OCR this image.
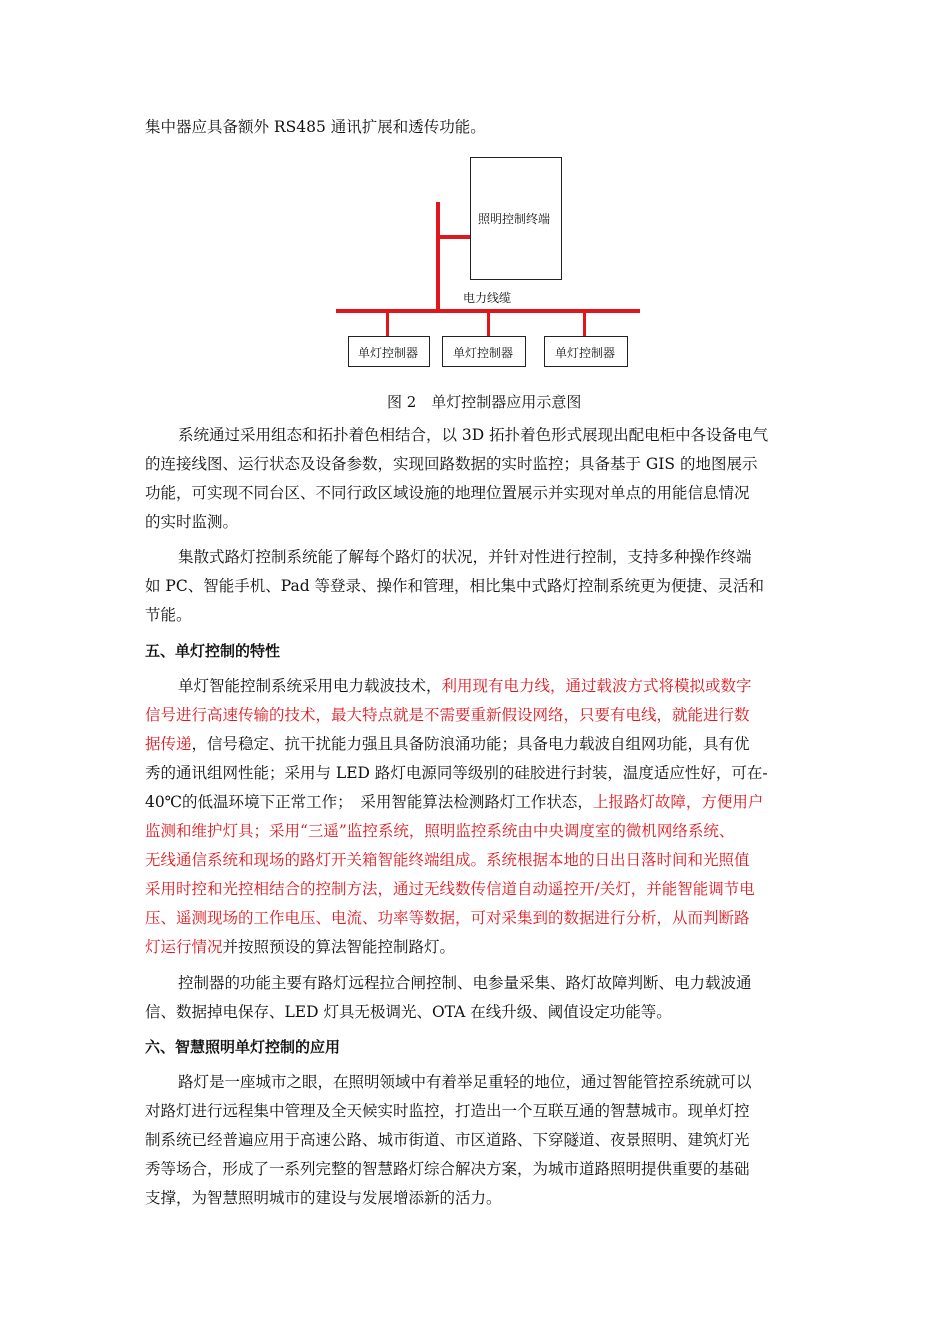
集中器应具备额外 RS485 通讯扩展和透传功能。
照明控制终端
电力线缆
单灯控制器	单灯控制器	单灯控制器
图 2　单灯控制器应用示意图
系统通过采用组态和拓扑着色相结合，以 3D 拓扑着色形式展现出配电柜中各设备电气
的连接线图、运行状态及设备参数，实现回路数据的实时监控；具备基于 GIS 的地图展示
功能，可实现不同台区、不同行政区域设施的地理位置展示并实现对单点的用能信息情况
的实时监测。
集散式路灯控制系统能了解每个路灯的状况，并针对性进行控制，支持多种操作终端
如 PC、智能手机、Pad 等登录、操作和管理，相比集中式路灯控制系统更为便捷、灵活和
节能。
五、单灯控制的特性
单灯智能控制系统采用电力载波技术，利用现有电力线，通过载波方式将模拟或数字
信号进行高速传输的技术，最大特点就是不需要重新假设网络，只要有电线，就能进行数
据传递，信号稳定、抗干扰能力强且具备防浪涌功能；具备电力载波自组网功能，具有优
秀的通讯组网性能；采用与 LED 路灯电源同等级别的硅胶进行封装，温度适应性好，可在-
40℃的低温环境下正常工作；　采用智能算法检测路灯工作状态，上报路灯故障，方便用户
监测和维护灯具；采用“三遥”监控系统，照明监控系统由中央调度室的微机网络系统、
无线通信系统和现场的路灯开关箱智能终端组成。系统根据本地的日出日落时间和光照值
采用时控和光控相结合的控制方法，通过无线数传信道自动遥控开/关灯，并能智能调节电
压、遥测现场的工作电压、电流、功率等数据，可对采集到的数据进行分析，从而判断路
灯运行情况并按照预设的算法智能控制路灯。
控制器的功能主要有路灯远程拉合闸控制、电参量采集、路灯故障判断、电力载波通
信、数据掉电保存、LED 灯具无极调光、OTA 在线升级、阈值设定功能等。
六、智慧照明单灯控制的应用
路灯是一座城市之眼，在照明领域中有着举足重轻的地位，通过智能管控系统就可以
对路灯进行远程集中管理及全天候实时监控，打造出一个互联互通的智慧城市。现单灯控
制系统已经普遍应用于高速公路、城市街道、市区道路、下穿隧道、夜景照明、建筑灯光
秀等场合，形成了一系列完整的智慧路灯综合解决方案，为城市道路照明提供重要的基础
支撑，为智慧照明城市的建设与发展增添新的活力。
